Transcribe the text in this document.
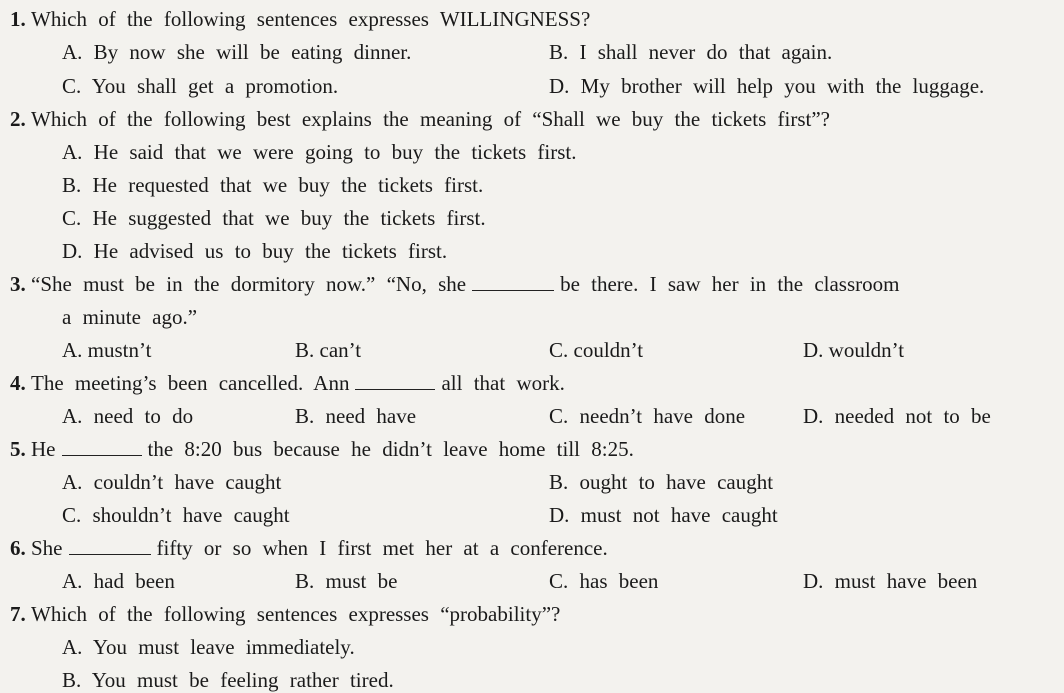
1. Which of the following sentences expresses WILLINGNESS?
A. By now she will be eating dinner.	B. I shall never do that again.
C. You shall get a promotion.	D. My brother will help you with the luggage.
2. Which of the following best explains the meaning of “Shall we buy the tickets first”?
A. He said that we were going to buy the tickets first.
B. He requested that we buy the tickets first.
C. He suggested that we buy the tickets first.
D. He advised us to buy the tickets first.
3. “She must be in the dormitory now.” “No, she	be there. I saw her in the classroom
a minute ago.”
A. mustn’t	B. can’t	C. couldn’t	D. wouldn’t
4. The meeting’s been cancelled. Ann	all that work.
A. need to do	B. need have	C. needn’t have done	D. needed not to be
5. He	the 8:20 bus because he didn’t leave home till 8:25.
A. couldn’t have caught	B. ought to have caught
C. shouldn’t have caught	D. must not have caught
6. She	fifty or so when I first met her at a conference.
A. had been	B. must be	C. has been	D. must have been
7. Which of the following sentences expresses “probability”?
A. You must leave immediately.
B. You must be feeling rather tired.
